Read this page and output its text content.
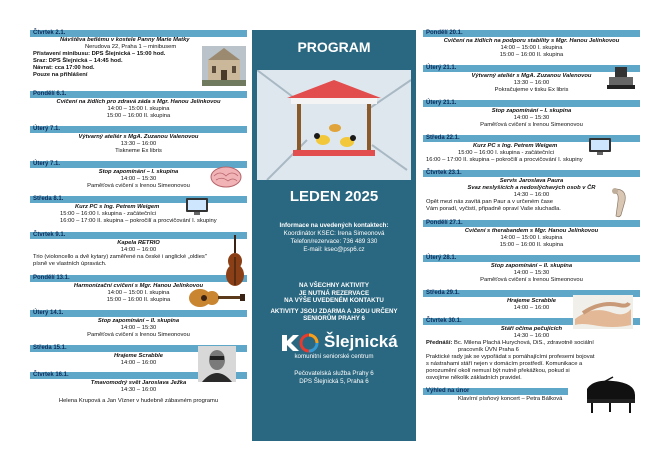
Čtvrtek 2.1.
Návštěva betlému v kostele Panny Marie Matky
Nerudova 22, Praha 1 – minibusem
Přistavení minibusu: DPS Šlejnická – 15:00 hod.
Sraz: DPS Šlejnická – 14:45 hod.
Návrat: cca 17:00 hod.
Pouze na přihlášení
Pondělí 6.1.
Cvičení na židlích pro zdravá záda s Mgr. Hanou Jelínkovou
14:00 – 15:00 I. skupina
15:00 – 16:00 II. skupina
Úterý 7.1.
Výtvarný ateliér s MgA. Zuzanou Valenovou
13:30 – 16:00
Tiskneme Ex libris
Úterý 7.1.
Stop zapomínání – I. skupina
14:00 – 15:30
Paměťová cvičení s Irenou Simeonovou
Středa 8.1.
Kurz PC s Ing. Petrem Weigem
15:00 – 16:00 I. skupina - začátečníci
16:00 – 17:00 II. skupina – pokročilí a procvičování I. skupiny
Čtvrtek 9.1.
Kapela RETRIO
14:00 – 16:00
Trio (violoncello a dvě kytary) zaměřené na české i anglické „oldies"
písně ve vlastních úpravách.
Pondělí 13.1.
Harmonizační cvičení s Mgr. Hanou Jelínkovou
14:00 – 15:00 I. skupina
15:00 – 16:00 II. skupina
Úterý 14.1.
Stop zapomínání – II. skupina
14:00 – 15:30
Paměťová cvičení s Irenou Simeonovou
Středa 15.1.
Hrajeme Scrabble
14:00 – 16:00
Čtvrtek 16.1.
Tmavomodrý svět Jaroslava Ježka
14:30 – 16:00
Helena Krupová a Jan Vízner v hudebně zábavném programu
PROGRAM
LEDEN 2025
Informace na uvedených kontaktech:
Koordinátor KSEC: Irena Simeonová
Telefon/rezervace: 736 489 330
E-mail: ksec@psp6.cz
NA VŠECHNY AKTIVITY
JE NUTNÁ REZERVACE
NA VÝŠE UVEDENÉM KONTAKTU
AKTIVITY JSOU ZDARMA A JSOU URČENY
SENIORŮM PRAHY 6
Šlejnická
komunitní seniorské centrum
Pečovatelská služba Prahy 6
DPS Šlejnická 5, Praha 6
Pondělí 20.1.
Cvičení na židlích na podporu stability s Mgr. Hanou Jelínkovou
14:00 – 15:00 I. skupina
15:00 – 16:00 II. skupina
Úterý 21.1.
Výtvarný ateliér s MgA. Zuzanou Valenovou
13:30 – 16:00
Pokračujeme v tisku Ex libris
Úterý 21.1.
Stop zapomínání – I. skupina
14:00 – 15:30
Paměťová cvičení s Irenou Simeonovou
Středa 22.1.
Kurz PC s Ing. Petrem Weigem
15:00 – 16:00 I. skupina - začátečníci
16:00 – 17:00 II. skupina – pokročilí a procvičování I. skupiny
Čtvrtek 23.1.
Servis Jaroslava Paura
Svaz neslyšících a nedoslýchavých osob v ČR
14:30 – 16:00
Opět mezi nás zavítá pan Paur a v určeném čase
Vám poradí, vyčistí, připadně opraví Vaše sluchadla.
Pondělí 27.1.
Cvičení s therabandem s Mgr. Hanou Jelínkovou
14:00 – 15:00 I. skupina
15:00 – 16:00 II. skupina
Úterý 28.1.
Stop zapomínání – II. skupina
14:00 – 15:30
Paměťová cvičení s Irenou Simeonovou
Středa 29.1.
Hrajeme Scrabble
14:00 – 16:00
Čtvrtek 30.1.
Stáří očima pečujících
14:30 – 16:00
Přednáší: Bc. Milena Plachá Hurychová, DiS., zdravotně sociální
pracovník ÚVN Praha 6
Praktické rady jak se vypořádat s pomáhajícími profesemi bojovat
s nástrahami stáří nejen v domácím prostředí. Komunikace a
porozumění okolí nemusí být nutně překážkou, pokud si
osvojíme několik základních pravidel.
Výhled na únor
Klavírní písňový koncert – Petra Bálková
